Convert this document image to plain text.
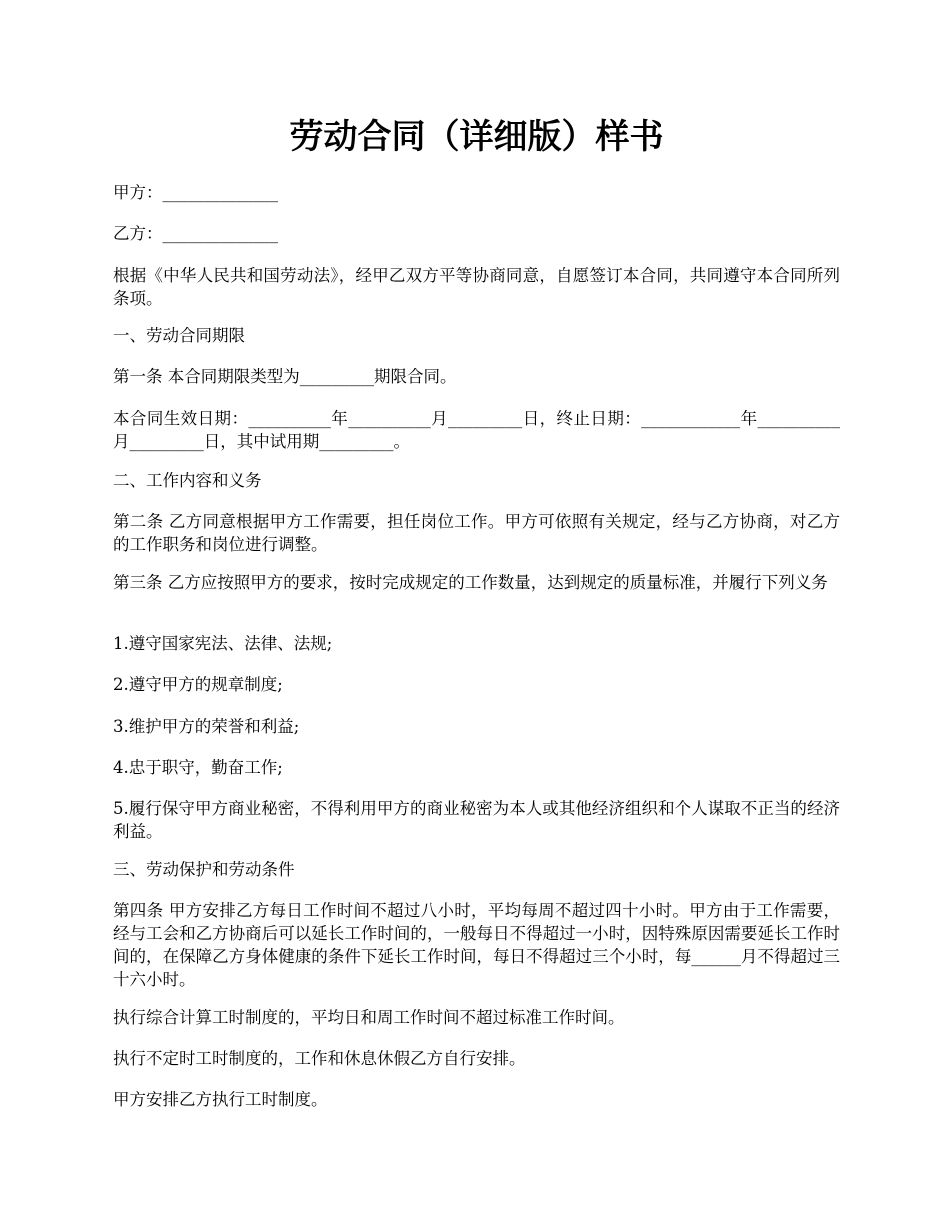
劳动合同（详细版）样书

甲方：______________

乙方：______________

根据《中华人民共和国劳动法》，经甲乙双方平等协商同意，自愿签订本合同，共同遵守本合同所列条项。

一、劳动合同期限

第一条 本合同期限类型为_________期限合同。

本合同生效日期：__________年__________月_________日，终止日期：____________年__________月_________日，其中试用期_________。

二、工作内容和义务

第二条 乙方同意根据甲方工作需要，担任岗位工作。甲方可依照有关规定，经与乙方协商，对乙方的工作职务和岗位进行调整。

第三条 乙方应按照甲方的要求，按时完成规定的工作数量，达到规定的质量标准，并履行下列义务

1.遵守国家宪法、法律、法规;

2.遵守甲方的规章制度;

3.维护甲方的荣誉和利益;

4.忠于职守，勤奋工作;

5.履行保守甲方商业秘密，不得利用甲方的商业秘密为本人或其他经济组织和个人谋取不正当的经济利益。

三、劳动保护和劳动条件

第四条 甲方安排乙方每日工作时间不超过八小时，平均每周不超过四十小时。甲方由于工作需要，经与工会和乙方协商后可以延长工作时间的，一般每日不得超过一小时，因特殊原因需要延长工作时间的，在保障乙方身体健康的条件下延长工作时间，每日不得超过三个小时，每______月不得超过三十六小时。

执行综合计算工时制度的，平均日和周工作时间不超过标准工作时间。

执行不定时工时制度的，工作和休息休假乙方自行安排。

甲方安排乙方执行工时制度。
